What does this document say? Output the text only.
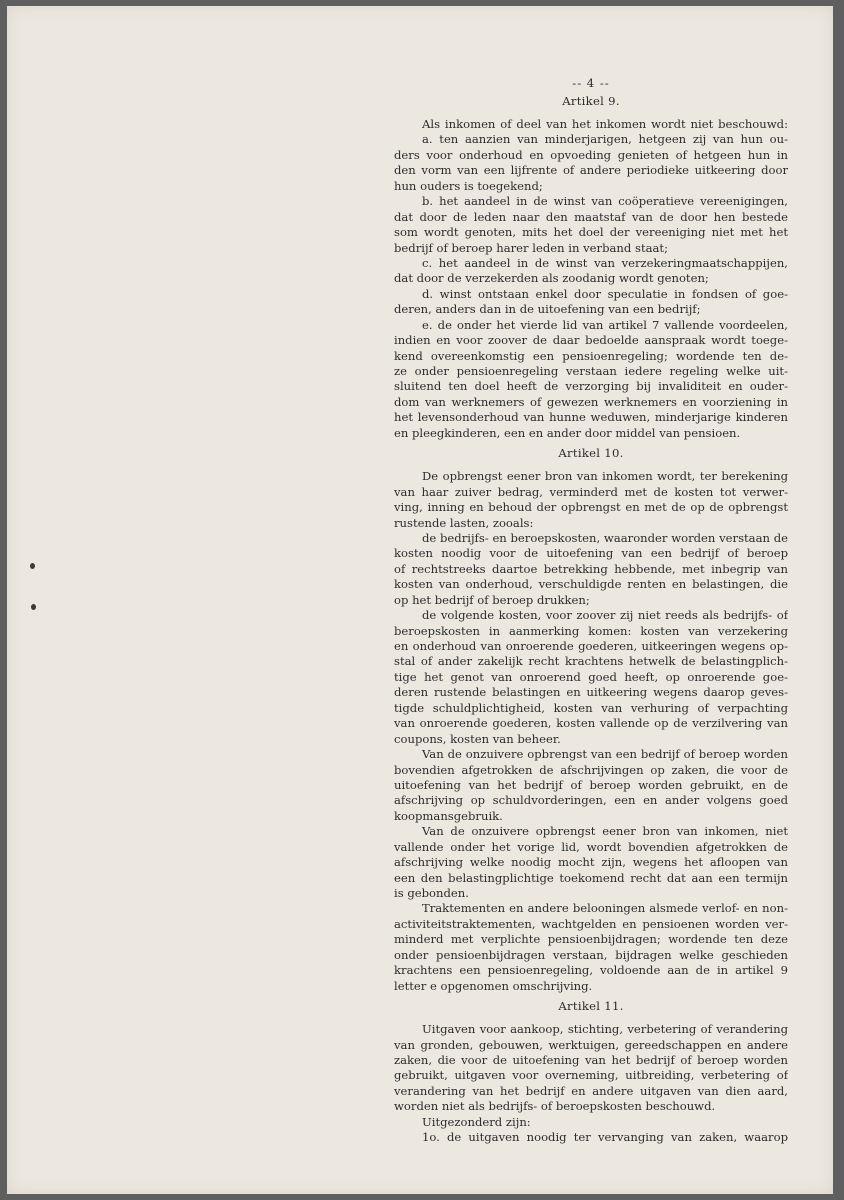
-- 4 --
Artikel 9.
Als inkomen of deel van het inkomen wordt niet beschouwd:
a. ten aanzien van minderjarigen, hetgeen zij van hun ou-
ders voor onderhoud en opvoeding genieten of hetgeen hun in
den vorm van een lijfrente of andere periodieke uitkeering door
hun ouders is toegekend;
b. het aandeel in de winst van coöperatieve vereenigingen,
dat door de leden naar den maatstaf van de door hen bestede
som wordt genoten, mits het doel der vereeniging niet met het
bedrijf of beroep harer leden in verband staat;
c. het aandeel in de winst van verzekeringmaatschappijen,
dat door de verzekerden als zoodanig wordt genoten;
d. winst ontstaan enkel door speculatie in fondsen of goe-
deren, anders dan in de uitoefening van een bedrijf;
e. de onder het vierde lid van artikel 7 vallende voordeelen,
indien en voor zoover de daar bedoelde aanspraak wordt toege-
kend overeenkomstig een pensioenregeling; wordende ten de-
ze onder pensioenregeling verstaan iedere regeling welke uit-
sluitend ten doel heeft de verzorging bij invaliditeit en ouder-
dom van werknemers of gewezen werknemers en voorziening in
het levensonderhoud van hunne weduwen, minderjarige kinderen
en pleegkinderen, een en ander door middel van pensioen.
Artikel 10.
De opbrengst eener bron van inkomen wordt, ter berekening
van haar zuiver bedrag, verminderd met de kosten tot verwer-
ving, inning en behoud der opbrengst en met de op de opbrengst
rustende lasten, zooals:
de bedrijfs- en beroepskosten, waaronder worden verstaan de
kosten noodig voor de uitoefening van een bedrijf of beroep
of rechtstreeks daartoe betrekking hebbende, met inbegrip van
kosten van onderhoud, verschuldigde renten en belastingen, die
op het bedrijf of beroep drukken;
de volgende kosten, voor zoover zij niet reeds als bedrijfs- of
beroepskosten in aanmerking komen: kosten van verzekering
en onderhoud van onroerende goederen, uitkeeringen wegens op-
stal of ander zakelijk recht krachtens hetwelk de belastingplich-
tige het genot van onroerend goed heeft, op onroerende goe-
deren rustende belastingen en uitkeering wegens daarop geves-
tigde schuldplichtigheid, kosten van verhuring of verpachting
van onroerende goederen, kosten vallende op de verzilvering van
coupons, kosten van beheer.
Van de onzuivere opbrengst van een bedrijf of beroep worden
bovendien afgetrokken de afschrijvingen op zaken, die voor de
uitoefening van het bedrijf of beroep worden gebruikt, en de
afschrijving op schuldvorderingen, een en ander volgens goed
koopmansgebruik.
Van de onzuivere opbrengst eener bron van inkomen, niet
vallende onder het vorige lid, wordt bovendien afgetrokken de
afschrijving welke noodig mocht zijn, wegens het afloopen van
een den belastingplichtige toekomend recht dat aan een termijn
is gebonden.
Traktementen en andere belooningen alsmede verlof- en non-
activiteitstraktementen, wachtgelden en pensioenen worden ver-
minderd met verplichte pensioenbijdragen; wordende ten deze
onder pensioenbijdragen verstaan, bijdragen welke geschieden
krachtens een pensioenregeling, voldoende aan de in artikel 9
letter e opgenomen omschrijving.
Artikel 11.
Uitgaven voor aankoop, stichting, verbetering of verandering
van gronden, gebouwen, werktuigen, gereedschappen en andere
zaken, die voor de uitoefening van het bedrijf of beroep worden
gebruikt, uitgaven voor overneming, uitbreiding, verbetering of
verandering van het bedrijf en andere uitgaven van dien aard,
worden niet als bedrijfs- of beroepskosten beschouwd.
Uitgezonderd zijn:
1o. de uitgaven noodig ter vervanging van zaken, waarop
